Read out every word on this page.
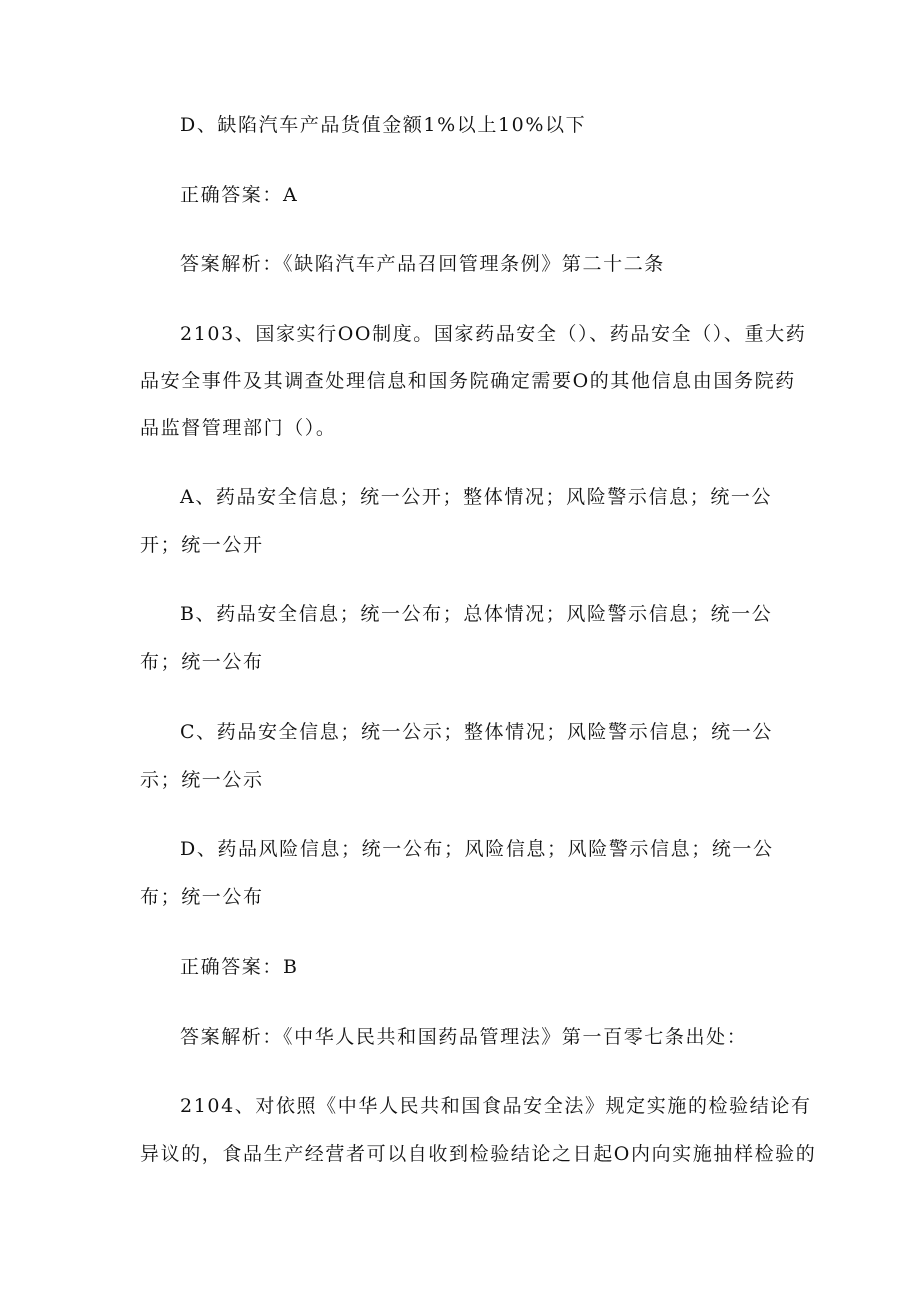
D、缺陷汽车产品货值金额1%以上10%以下
正确答案：A
答案解析：《缺陷汽车产品召回管理条例》第二十二条
2103、国家实行OO制度。国家药品安全（）、药品安全（）、重大药
品安全事件及其调查处理信息和国务院确定需要O的其他信息由国务院药
品监督管理部门（）。
A、药品安全信息；统一公开；整体情况；风险警示信息；统一公
开；统一公开
B、药品安全信息；统一公布；总体情况；风险警示信息；统一公
布；统一公布
C、药品安全信息；统一公示；整体情况；风险警示信息；统一公
示；统一公示
D、药品风险信息；统一公布；风险信息；风险警示信息；统一公
布；统一公布
正确答案：B
答案解析：《中华人民共和国药品管理法》第一百零七条出处：
2104、对依照《中华人民共和国食品安全法》规定实施的检验结论有
异议的，食品生产经营者可以自收到检验结论之日起O内向实施抽样检验的
